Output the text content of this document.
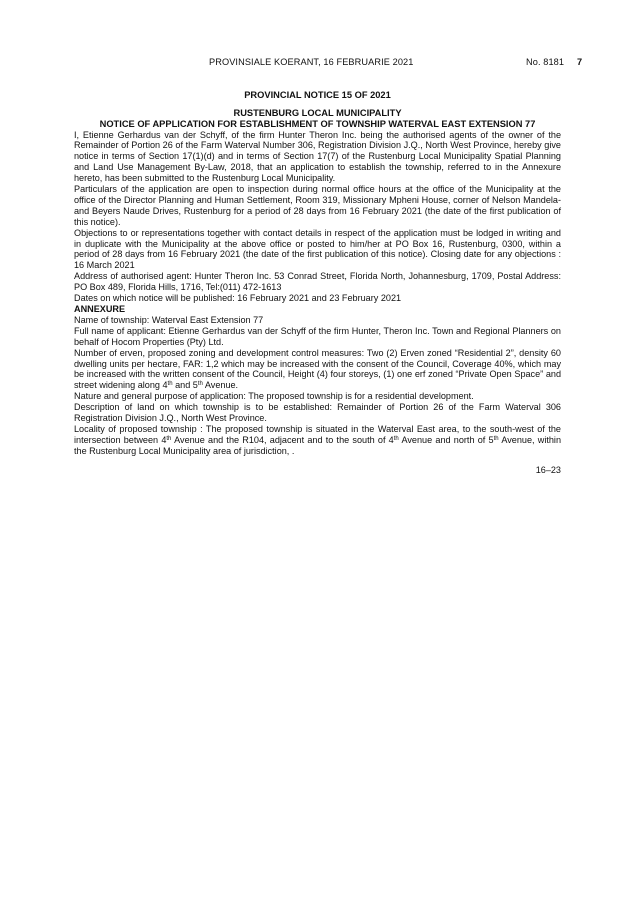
PROVINSIALE KOERANT, 16 FEBRUARIE 2021	No. 8181 7
PROVINCIAL NOTICE 15 OF 2021
RUSTENBURG LOCAL MUNICIPALITY
NOTICE OF APPLICATION FOR ESTABLISHMENT OF TOWNSHIP WATERVAL EAST EXTENSION 77

I, Etienne Gerhardus van der Schyff, of the firm Hunter Theron Inc. being the authorised agents of the owner of the Remainder of Portion 26 of the Farm Waterval Number 306, Registration Division J.Q., North West Province, hereby give notice in terms of Section 17(1)(d) and in terms of Section 17(7) of the Rustenburg Local Municipality Spatial Planning and Land Use Management By-Law, 2018, that an application to establish the township, referred to in the Annexure hereto, has been submitted to the Rustenburg Local Municipality.

Particulars of the application are open to inspection during normal office hours at the office of the Municipality at the office of the Director Planning and Human Settlement, Room 319, Missionary Mpheni House, corner of Nelson Mandela- and Beyers Naude Drives, Rustenburg for a period of 28 days from 16 February 2021 (the date of the first publication of this notice).

Objections to or representations together with contact details in respect of the application must be lodged in writing and in duplicate with the Municipality at the above office or posted to him/her at PO Box 16, Rustenburg, 0300, within a period of 28 days from 16 February 2021 (the date of the first publication of this notice). Closing date for any objections : 16 March 2021

Address of authorised agent: Hunter Theron Inc. 53 Conrad Street, Florida North, Johannesburg, 1709, Postal Address: PO Box 489, Florida Hills, 1716, Tel:(011) 472-1613

Dates on which notice will be published: 16 February 2021 and 23 February 2021

ANNEXURE

Name of township: Waterval East Extension 77

Full name of applicant: Etienne Gerhardus van der Schyff of the firm Hunter, Theron Inc. Town and Regional Planners on behalf of Hocom Properties (Pty) Ltd.

Number of erven, proposed zoning and development control measures: Two (2) Erven zoned “Residential 2”, density 60 dwelling units per hectare, FAR: 1,2 which may be increased with the consent of the Council, Coverage 40%, which may be increased with the written consent of the Council, Height (4) four storeys, (1) one erf zoned “Private Open Space” and street widening along 4th and 5th Avenue.

Nature and general purpose of application: The proposed township is for a residential development.

Description of land on which township is to be established: Remainder of Portion 26 of the Farm Waterval 306 Registration Division J.Q., North West Province.

Locality of proposed township : The proposed township is situated in the Waterval East area, to the south-west of the intersection between 4th Avenue and the R104, adjacent and to the south of 4th Avenue and north of 5th Avenue, within the Rustenburg Local Municipality area of jurisdiction, .

16–23
